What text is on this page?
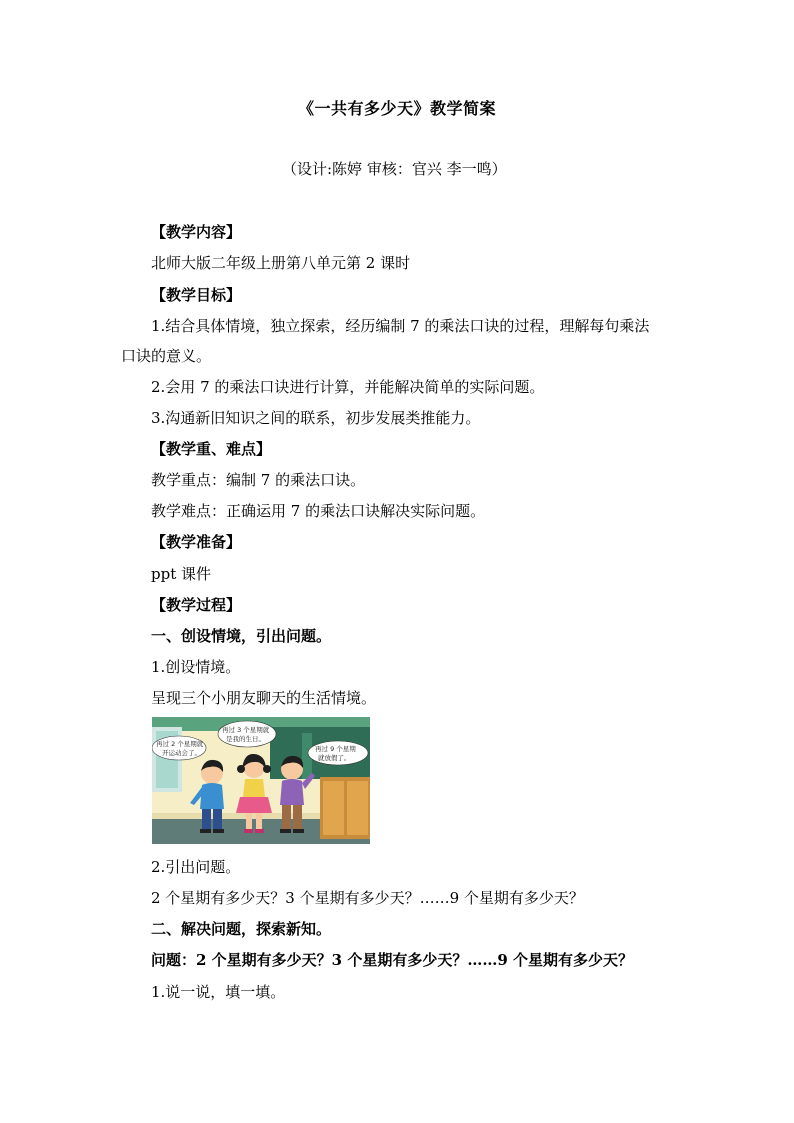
《一共有多少天》教学简案
（设计:陈婷 审核：官兴 李一鸣）
【教学内容】
北师大版二年级上册第八单元第 2 课时
【教学目标】
1.结合具体情境，独立探索，经历编制 7 的乘法口诀的过程，理解每句乘法
口诀的意义。
2.会用 7 的乘法口诀进行计算，并能解决简单的实际问题。
3.沟通新旧知识之间的联系，初步发展类推能力。
【教学重、难点】
教学重点：编制 7 的乘法口诀。
教学难点：正确运用 7 的乘法口诀解决实际问题。
【教学准备】
ppt 课件
【教学过程】
一、创设情境，引出问题。
1.创设情境。
呈现三个小朋友聊天的生活情境。
再过 2 个星期就
开运动会了。
再过 3 个星期就
是我的生日。
再过 9 个星期
就放假了。
2.引出问题。
2 个星期有多少天？3 个星期有多少天？……9 个星期有多少天？
二、解决问题，探索新知。
问题：2 个星期有多少天？3 个星期有多少天？……9 个星期有多少天？
1.说一说，填一填。
